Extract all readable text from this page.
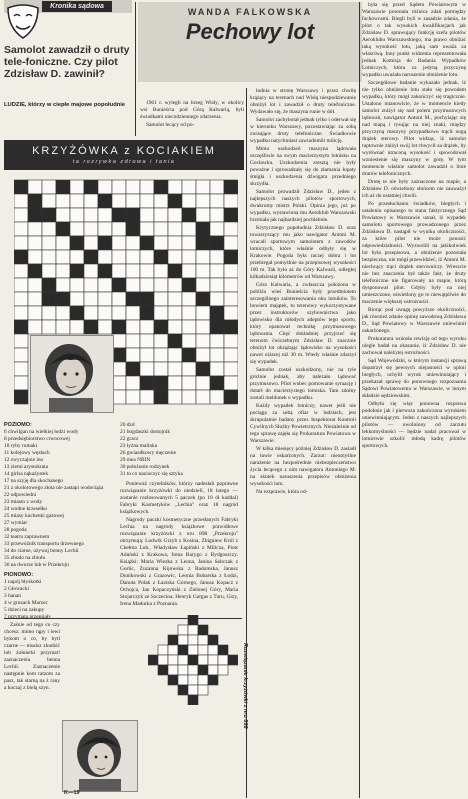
Kronika sądowa
Samolot zawadził o druty tele-foniczne. Czy pilot Zdzisław D. zawinił?
LUDZIE, którzy w ciepłe majowe popołudnie
WANDA FALKOWSKA
Pechowy lot

1961 r. wylegli na brzeg Wisły, w okolicy wsi Bunieścia pod Górą Kalwarią, byli świadkami niecodziennego zdarzenia.

Samolot lecący od po-

łudnia w stronę Warszawy i przez chwilę krążący na terenach nad Wisłą niespodziewanie obniżył lot i zawadził o druty telefoniczne. Wydawało się, że maszyna runie w dół.

Samolot zachybotał jednak tylko i oderwał się w kierunku Warszawy, pozostawiając za sobą zwisające druty telefoniczne. Świadkowie wypadku natychmiast zawiadomili milicję.

Mimo uszkodzeń maszyna lądowała szczęśliwie na swym macierzystym lotnisku na Gocławku. Uszkodzenia zresztą nie były poważne i sprowadzały się do złamania łopaty śmigła i uszkodzenia dźwigara przedniego skrzydła.

Samolot prowadził Zdzisław D., jeden z najlepszych naszych pilotów sportowych, dwukrotny mistrz Polski. Opinia jego, już po wypadku, wystawiona mu Aeroklub Warszawski brzmiała jak najbardziej pochlebnie.

Krytycznego popołudnia Zdzisław D. oraz towarzyszący mu jako nawigator Antoni M. wracali sportowym samolotem z zawodów lotniczych, które właśnie odbyły się w Krakowie. Pogoda była raczej dobra i lot przebiegał pomyślnie na przepisowej wysokości 100 m. Tak było aż do Góry Kalwarii, odległej kilkadziesiąt kilometrów od Warszawy.

Góra Kalwaria, a zwłaszcza położona w pobliżu wieś Bunieścia były przedmiotem szczególnego zainteresowania obu lotników. To bowiem majątek, tu terenowy wykorzystywane przez instruktorów szybownictwa jako lądowisko dla młodych adeptów tego sportu, który opanował technikę przymusowego lądowania. Chęć dokładniej przyjrzeć się terenom ćwiczebnym Zdzisław D. znacznie obniżył lot okrążając lądowisko na wysokości nawet niższej niż 30 m. Wtedy właśnie zdarzył się wypadek.

Samolot został uszkodzony, nie na tyle groźnie jednak, aby należało lądować przymusowo. Pilot wobec pomowanie sytuację i dotarł do macierzystego lotniska. Tam zdołny zostali meldunek o wypadku.

Każdy wypadek lotniczy, nawet jeśli nie pociąga za sobą ofiar w ludziach, jest skrupulatnie badany przez Inspektorat Kontroli Cywilnych Służby Powietrznych. Niezależnie od tego sprawę zajęła się Prokuratura Powiatowa w Warszawie.

W kilka miesięcy później Zdzisław D. zasiadł na ławie oskarżonych. Zarzut: nieumyślne narażenie na bezpośrednie niebezpieczeństwo życia lecącego z nim nawigatora Antoniego M. na skutek naruszenia przepisów obniżenia wysokości lotu.

Na rozprawie, która od-

była się przed Sądem Powiatowym w Warszawie powstała różnica zdań pomiędzy fachowcami. Biegli byli w zasadzie zdania, że pilot o tak wysokich kwalifikacjach jak Zdzisław D. sprawujący funkcję szefa pilotów Aeroklubu Warszawskiego, ma prawo obniżać taką wysokość lotu, jaką sam uważa za właściwą. Inny punkt widzenia reprezentowała jednak Komisja do Badania Wypadków Lotniczych, która za jedyną przyczynę wypadku uważała naruszenie obniżenie lotu.

Szczegółowe badanie wykazało jednak, iż nie tylko obniżenie lotu stało się powodem wypadku, który mógł zakończyć się tragicznie. Ustalono mianowicie, że w momencie kiedy samolot zniżył się nad polem przymusowych lądowań, nawigator Antoni M., pochylając się nad mapą i rysując na niej znaki, między przyczyną maszyny przypadkowo trącił nogą drążek sterowy. Pilot widząc, iż samolot raptownie zniżył swój lot chwycił za drążek, by wyrównać utraconą wysokość i spowodował wzniesienie się maszyny w górę. W tym momencie właśnie samolot zawadził o linie drutów telefonicznych.

Drutę te nie były zaznaczone na mapie, a Zdzisław D. oświetlony słońcem nie zauważył ich aż do ostatniej chwili.

Po przesłuchaniu świadków, biegłych i ustaleniu opisanego tu stanu faktycznego Sąd Powiatowy w Warszawie uznał, iż wypadek samolotu sportowego prowadzonego przez Zdzisława D. nastąpił w wyniku okoliczności, za które pilot nie może ponosić odpowiedzialności. Wyzwolili na jakikolwiek lot była przepisowa, a obniżenie pozostała bezpieczna, nie mógł przewidzieć, iż Antoni M. niechcący trąci drążek sterowniczy. Wreszcie nie bez znaczenia był także fakt, że druty telefoniczne nie figurowały na mapie, którą dysponował pilot. Gdyby były na niej umieszczone, oświetlony go to niewątpliwie do maczenie większej ostrożności.

Biorąc pod uwagę powyższe okoliczności, jak również zdanie opinię zawodową Zdzisława D., Sąd Powiatowy w Warszawie uniewinnił oskarżonego.

Prokuratura wniosła rewizję od tego wyroku ulegle badał na okazanie, iż Zdzisław D. nie zachował należytej ostrożności.

Sąd Wojewódzki, w którym instancji sprawą dopatrzył się pewnych niejasności w opinii biegłych, uchylił wyrok uniewinniający i przekazał sprawę do ponownego rozpoznania Sądowi Powiatowemu w Warszawie, w innym składzie sędziowskim.

Odbyła się więc ponowna rozprawa podobnie jak i pierwsza zakończona wyrokiem uniewinniającym. Jeden z naszych najlepszych pilotów — uwolniony od zarzutu lekkomyślności — będzie nadal pracował w lotnictwie szkolić młodą kadrę pilotów sportowych.

KRZYŻÓWKA z KOCIAKIEM
ta rozrywka zdrowa i tania
POZIOMO:
6 chwilgan na wielkiej łodzi wody
8 przedsiębiorstwo crwocowej
10 ryby rumaki
11 kolejowy węzłach
12 zwyczajnie ino
13 ziemi arystokrata
14 girlsa nąkażystek
17 na szyję dla skochanego
21 z okolorowego złota nie zastapi wodociąża
22 odpowiedni
23 miasto z wody
24 wodne krzesełko
25 miasy kuchenki gazowej
27 wymiar
28 pogoda
32 teatru zaprawnem
33 przewóźnik transportu drzewnego
34 do ciarne, używaj benny Lechii
35 zbudo na zbiułu
36 na dworze lub w Przekroju
PIONOWO:
1 napój błyskotki
2 Głowacki
3 banan
4 w gruzach Marzec
5 dzieci na zakupy
7 przymata przepijały
20 dzd
21 bogdaszki dostojnik
22 gracz
23 łyżna malinka
26 gwiazdkowy męczenie
29 mea NBIN
30 położonie rodzynek
31 to co nazioczyc się sztyka

Ponieważ czytelników, którzy nadesłali poprawne rozwiązanie krzyżówki do niedzieli, 18 lutego — zostanie rozlosowanych 5 paczek (po 10 ół kaddal) Fabryki Kosmetyków „Lechia" oraz 18 nagród książkowych.

Nagrody paczki kosmetyczne przesłanych Fabryki Lechia na nagrody książkowe prawidłowe rozwiązanie krzyżówki z nru 898 „Przekroju" otrzymują: Ludwik Grzyb z Kosina, Zbigniew Król z Chełma Lub., Władysław Łapiński z Milicza, Piotr Aduński z Krakowa, Irena Barygo z Bydgoszczy. Książki: Maria Wiezka z Leona, Janina Sobczak z Gorlic, Zuzanna Kijowska z Radomska, Janusz Dunikowski z Grazowic, Leonia Bobarska z Łodzi, Danuta Polak z Łaziska Górnego, Janusz Kopacz z Ochojca, Jan Kopaczyński z Zielonej Góry, Maria Stojarczyk ze Szczecina, Henryk Gargas z Turu, Gizy, Irena Madurka z Poznania.

Zaśnie od tego co czy chcesz. mimo rąpy i lewi bykom o co, by bytl czarne — musisz zbudzić lub żołnierki przymat! zaznaczeniu benna Lechii. Zaznaczenie następnie kom ratzom za pasz, tak starną na ż rany a kuczaj z bielą szyn.	Rozwiązanie krzyżówki z nru 899
K—19
